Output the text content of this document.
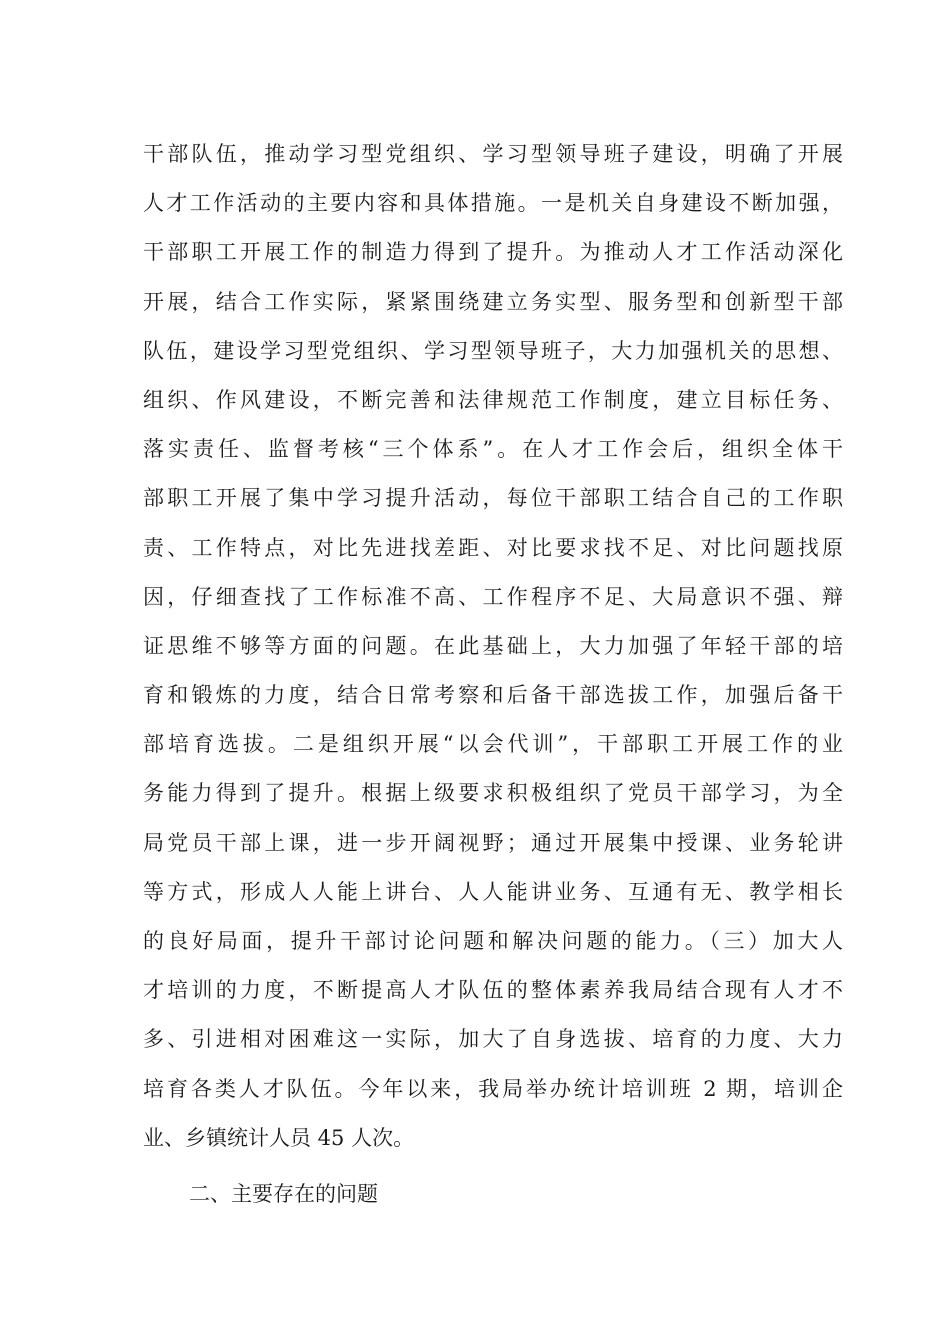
干部队伍，推动学习型党组织、学习型领导班子建设，明确了开展
人才工作活动的主要内容和具体措施。一是机关自身建设不断加强，
干部职工开展工作的制造力得到了提升。为推动人才工作活动深化
开展，结合工作实际，紧紧围绕建立务实型、服务型和创新型干部
队伍，建设学习型党组织、学习型领导班子，大力加强机关的思想、
组织、作风建设，不断完善和法律规范工作制度，建立目标任务、
落实责任、监督考核“三个体系”。在人才工作会后，组织全体干
部职工开展了集中学习提升活动，每位干部职工结合自己的工作职
责、工作特点，对比先进找差距、对比要求找不足、对比问题找原
因，仔细查找了工作标准不高、工作程序不足、大局意识不强、辩
证思维不够等方面的问题。在此基础上，大力加强了年轻干部的培
育和锻炼的力度，结合日常考察和后备干部选拔工作，加强后备干
部培育选拔。二是组织开展“以会代训”，干部职工开展工作的业
务能力得到了提升。根据上级要求积极组织了党员干部学习，为全
局党员干部上课，进一步开阔视野；通过开展集中授课、业务轮讲
等方式，形成人人能上讲台、人人能讲业务、互通有无、教学相长
的良好局面，提升干部讨论问题和解决问题的能力。（三）加大人
才培训的力度，不断提高人才队伍的整体素养我局结合现有人才不
多、引进相对困难这一实际，加大了自身选拔、培育的力度、大力
培育各类人才队伍。今年以来，我局举办统计培训班 2 期，培训企
业、乡镇统计人员 45 人次。
二、主要存在的问题
